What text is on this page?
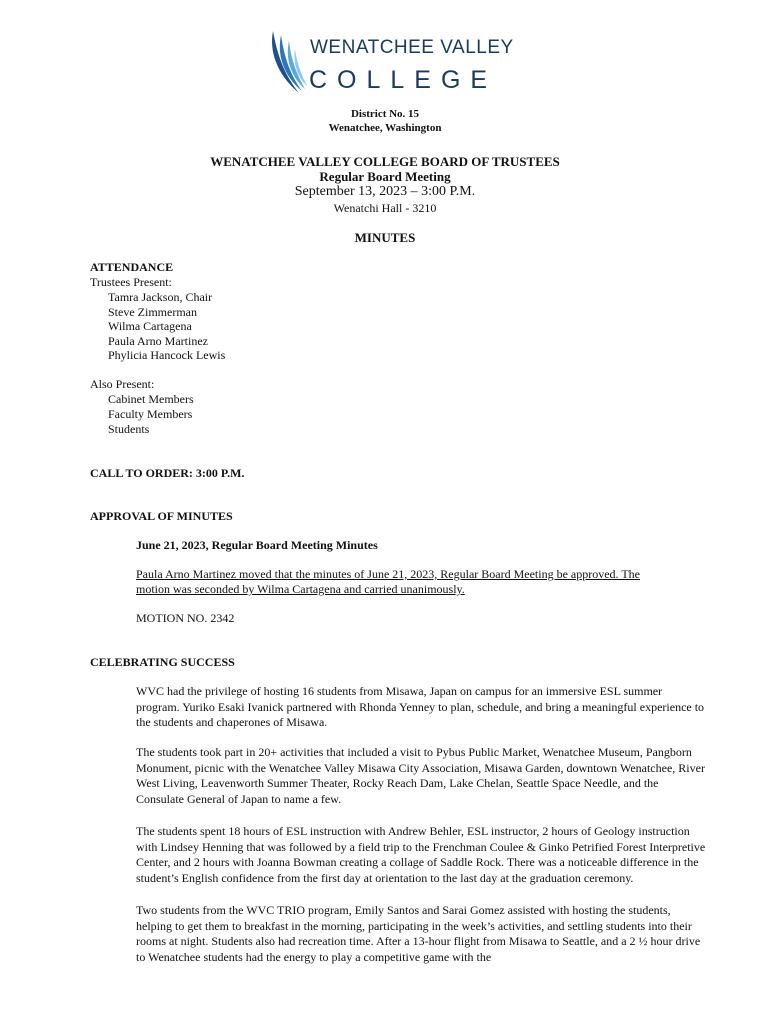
WENATCHEE VALLEY
COLLEGE
District No. 15
Wenatchee, Washington
WENATCHEE VALLEY COLLEGE BOARD OF TRUSTEES
Regular Board Meeting
September 13, 2023 – 3:00 P.M.
Wenatchi Hall - 3210
MINUTES
ATTENDANCE
Trustees Present:
Tamra Jackson, Chair
Steve Zimmerman
Wilma Cartagena
Paula Arno Martinez
Phylicia Hancock Lewis
Also Present:
Cabinet Members
Faculty Members
Students
CALL TO ORDER: 3:00 P.M.
APPROVAL OF MINUTES
June 21, 2023, Regular Board Meeting Minutes
Paula Arno Martinez moved that the minutes of June 21, 2023, Regular Board Meeting be approved. The
motion was seconded by Wilma Cartagena and carried unanimously.
MOTION NO. 2342
CELEBRATING SUCCESS

WVC had the privilege of hosting 16 students from Misawa, Japan on campus for an immersive ESL summer program. Yuriko Esaki Ivanick partnered with Rhonda Yenney to plan, schedule, and bring a meaningful experience to the students and chaperones of Misawa.

The students took part in 20+ activities that included a visit to Pybus Public Market, Wenatchee Museum, Pangborn Monument, picnic with the Wenatchee Valley Misawa City Association, Misawa Garden, downtown Wenatchee, River West Living, Leavenworth Summer Theater, Rocky Reach Dam, Lake Chelan, Seattle Space Needle, and the Consulate General of Japan to name a few.

The students spent 18 hours of ESL instruction with Andrew Behler, ESL instructor, 2 hours of Geology instruction with Lindsey Henning that was followed by a field trip to the Frenchman Coulee & Ginko Petrified Forest Interpretive Center, and 2 hours with Joanna Bowman creating a collage of Saddle Rock. There was a noticeable difference in the student’s English confidence from the first day at orientation to the last day at the graduation ceremony.

Two students from the WVC TRIO program, Emily Santos and Sarai Gomez assisted with hosting the students, helping to get them to breakfast in the morning, participating in the week’s activities, and settling students into their rooms at night. Students also had recreation time. After a 13-hour flight from Misawa to Seattle, and a 2 ½ hour drive to Wenatchee students had the energy to play a competitive game with the
